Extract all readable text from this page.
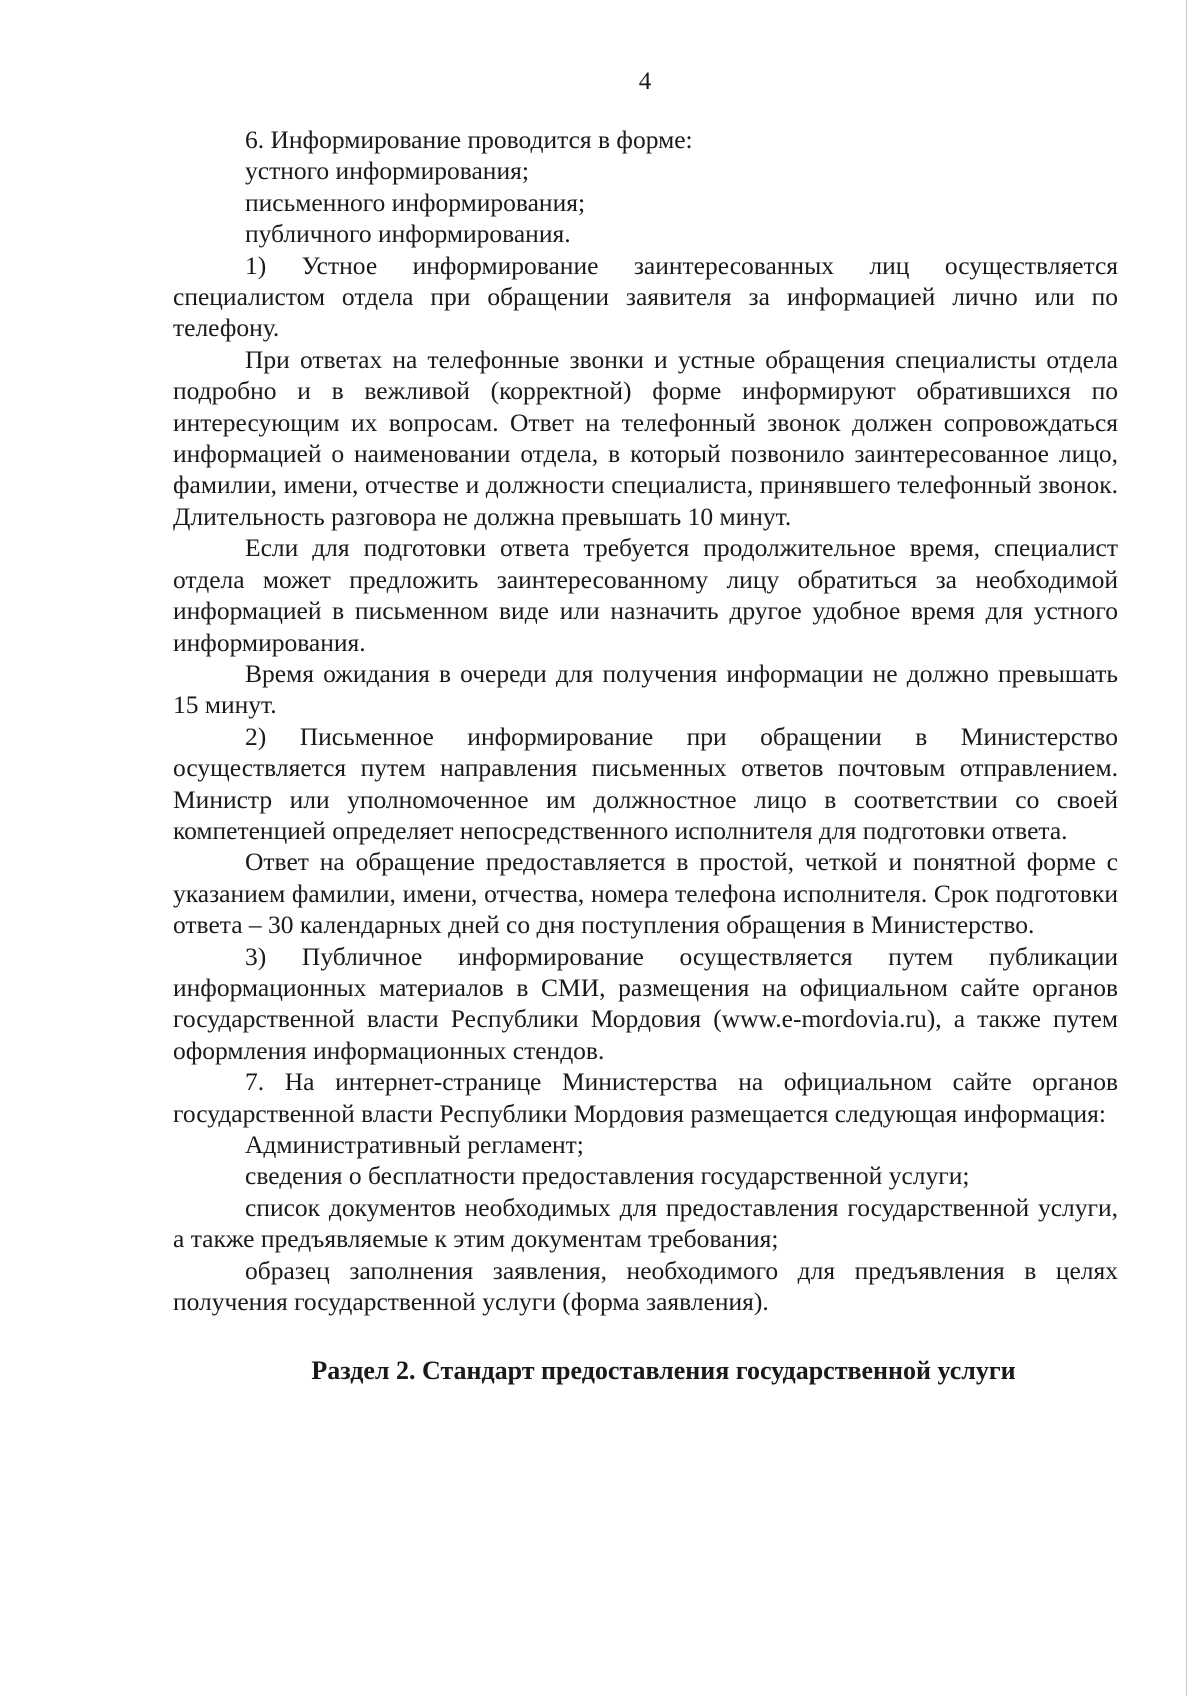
4

6. Информирование проводится в форме:

устного информирования;

письменного информирования;

публичного информирования.

1) Устное информирование заинтересованных лиц осуществляется специалистом отдела при обращении заявителя за информацией лично или по телефону.

При ответах на телефонные звонки и устные обращения специалисты отдела подробно и в вежливой (корректной) форме информируют обратившихся по интересующим их вопросам. Ответ на телефонный звонок должен сопровождаться информацией о наименовании отдела, в который позвонило заинтересованное лицо, фамилии, имени, отчестве и должности специалиста, принявшего телефонный звонок. Длительность разговора не должна превышать 10 минут.

Если для подготовки ответа требуется продолжительное время, специалист отдела может предложить заинтересованному лицу обратиться за необходимой информацией в письменном виде или назначить другое удобное время для устного информирования.

Время ожидания в очереди для получения информации не должно превышать 15 минут.

2) Письменное информирование при обращении в Министерство осуществляется путем направления письменных ответов почтовым отправлением. Министр или уполномоченное им должностное лицо в соответствии со своей компетенцией определяет непосредственного исполнителя для подготовки ответа.

Ответ на обращение предоставляется в простой, четкой и понятной форме с указанием фамилии, имени, отчества, номера телефона исполнителя. Срок подготовки ответа – 30 календарных дней со дня поступления обращения в Министерство.

3) Публичное информирование осуществляется путем публикации информационных материалов в СМИ, размещения на официальном сайте органов государственной власти Республики Мордовия (www.e-mordovia.ru), а также путем оформления информационных стендов.

7. На интернет-странице Министерства на официальном сайте органов государственной власти Республики Мордовия размещается следующая информация:

Административный регламент;

сведения о бесплатности предоставления государственной услуги;

список документов необходимых для предоставления государственной услуги, а также предъявляемые к этим документам требования;

образец заполнения заявления, необходимого для предъявления в целях получения государственной услуги (форма заявления).

Раздел 2. Стандарт предоставления государственной услуги
